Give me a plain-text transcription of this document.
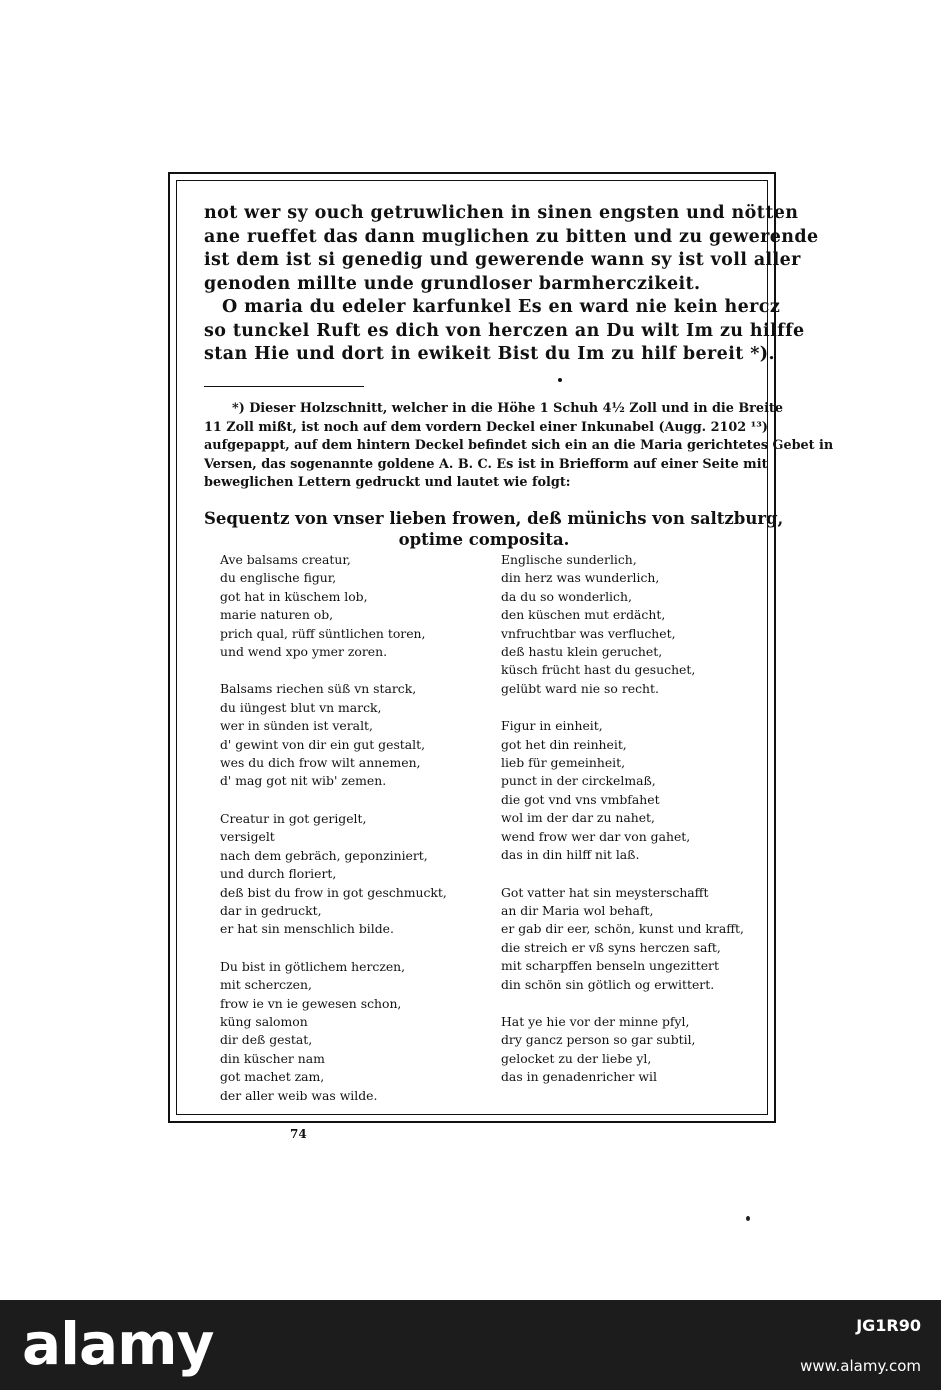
not wer sy ouch getruwlichen in sinen engsten und nötten
ane rueffet das dann muglichen zu bitten und zu gewerende
ist dem ist si genedig und gewerende wann sy ist voll aller
genoden millte unde grundloser barmherczikeit.
O maria du edeler karfunkel Es en ward nie kein hercz
so tunckel Ruft es dich von herczen an Du wilt Im zu hilffe
stan Hie und dort in ewikeit Bist du Im zu hilf bereit *).

*) Dieser Holzschnitt, welcher in die Höhe 1 Schuh 4½ Zoll und in die Breite
11 Zoll mißt, ist noch auf dem vordern Deckel einer Inkunabel (Augg. 2102 ¹³)
aufgepappt, auf dem hintern Deckel befindet sich ein an die Maria gerichtetes Gebet in
Versen, das sogenannte goldene A. B. C. Es ist in Briefform auf einer Seite mit
beweglichen Lettern gedruckt und lautet wie folgt:
Sequentz von vnser lieben frowen, deß münichs von saltzburg,
optime composita.
Ave balsams creatur,
du englische figur,
got hat in küschem lob,
marie naturen ob,
prich qual, rüff süntlichen toren,
und wend xpo ymer zoren.
Balsams riechen süß vn starck,
du iüngest blut vn marck,
wer in sünden ist veralt,
d' gewint von dir ein gut gestalt,
wes du dich frow wilt annemen,
d' mag got nit wib' zemen.
Creatur in got gerigelt,
versigelt
nach dem gebräch, geponziniert,
und durch floriert,
deß bist du frow in got geschmuckt,
dar in gedruckt,
er hat sin menschlich bilde.
Du bist in götlichem herczen,
mit scherczen,
frow ie vn ie gewesen schon,
küng salomon
dir deß gestat,
din küscher nam
got machet zam,
der aller weib was wilde.
Englische sunderlich,
din herz was wunderlich,
da du so wonderlich,
den küschen mut erdächt,
vnfruchtbar was verfluchet,
deß hastu klein geruchet,
küsch frücht hast du gesuchet,
gelübt ward nie so recht.
Figur in einheit,
got het din reinheit,
lieb für gemeinheit,
punct in der circkelmaß,
die got vnd vns vmbfahet
wol im der dar zu nahet,
wend frow wer dar von gahet,
das in din hilff nit laß.
Got vatter hat sin meysterschafft
an dir Maria wol behaft,
er gab dir eer, schön, kunst und krafft,
die streich er vß syns herczen saft,
mit scharpffen benseln ungezittert
din schön sin götlich og erwittert.
Hat ye hie vor der minne pfyl,
dry gancz person so gar subtil,
gelocket zu der liebe yl,
das in genadenricher wil
74
alamy	JG1R90
www.alamy.com
